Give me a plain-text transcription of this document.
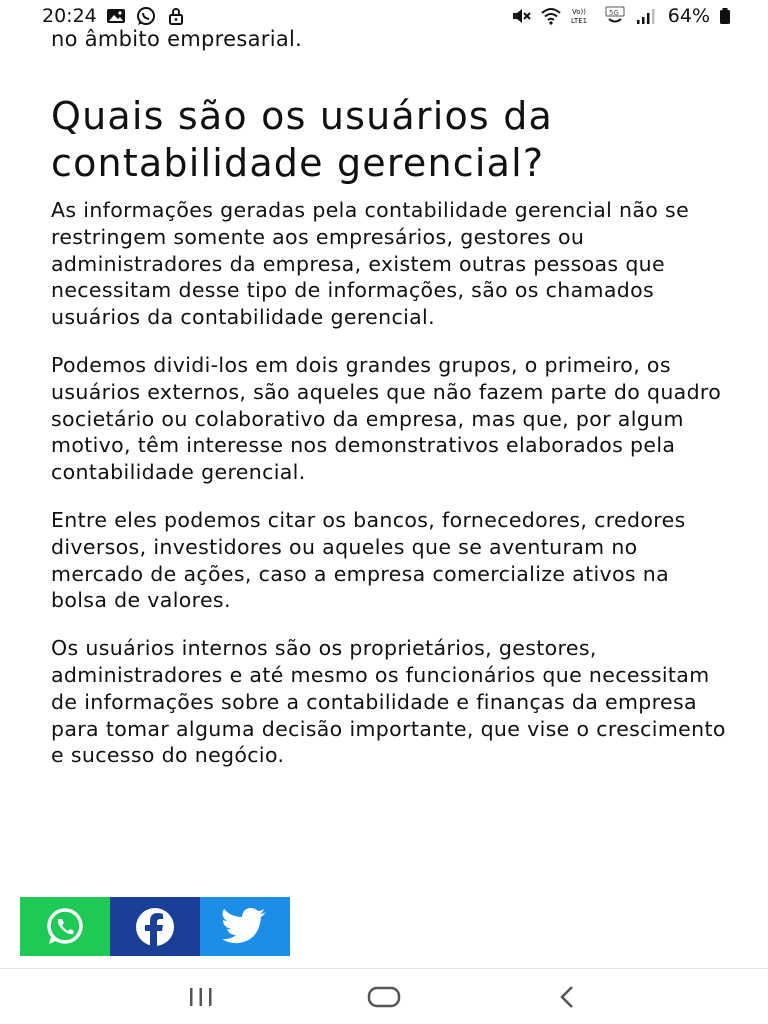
20:24	Vo))
LTE1
5G	64%

no âmbito empresarial.

Quais são os usuários da contabilidade gerencial?

As informações geradas pela contabilidade gerencial não se restringem somente aos empresários, gestores ou administradores da empresa, existem outras pessoas que necessitam desse tipo de informações, são os chamados usuários da contabilidade gerencial.

Podemos dividi-los em dois grandes grupos, o primeiro, os usuários externos, são aqueles que não fazem parte do quadro societário ou colaborativo da empresa, mas que, por algum motivo, têm interesse nos demonstrativos elaborados pela contabilidade gerencial.

Entre eles podemos citar os bancos, fornecedores, credores diversos, investidores ou aqueles que se aventuram no mercado de ações, caso a empresa comercialize ativos na bolsa de valores.

Os usuários internos são os proprietários, gestores, administradores e até mesmo os funcionários que necessitam de informações sobre a contabilidade e finanças da empresa para tomar alguma decisão importante, que vise o crescimento e sucesso do negócio.
